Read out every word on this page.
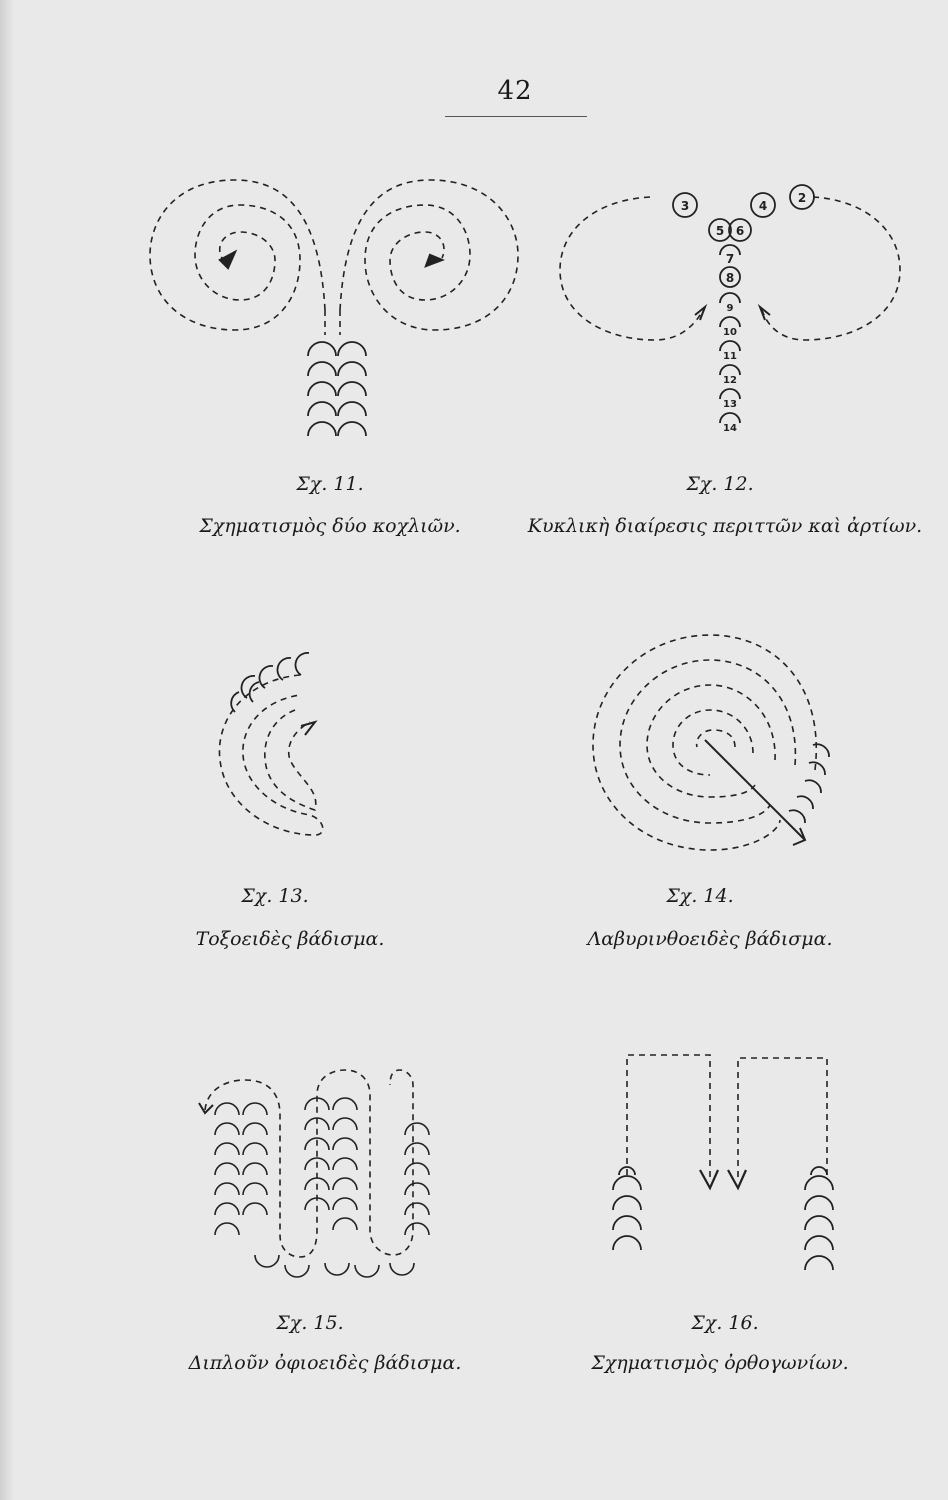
42
Σχ. 11.
Σχηματισμὸς δύο κοχλιῶν.
3	4
2
5 6
7
8
9
10
11
12
13
14
Σχ. 12.
Κυκλικὴ διαίρεσις περιττῶν καὶ ἀρτίων.
Σχ. 13.
Τοξοειδὲς βάδισμα.
Σχ. 14.
Λαβυρινθοειδὲς βάδισμα.
Σχ. 15.
Διπλοῦν ὀφιοειδὲς βάδισμα.
Σχ. 16.
Σχηματισμὸς ὀρθογωνίων.
